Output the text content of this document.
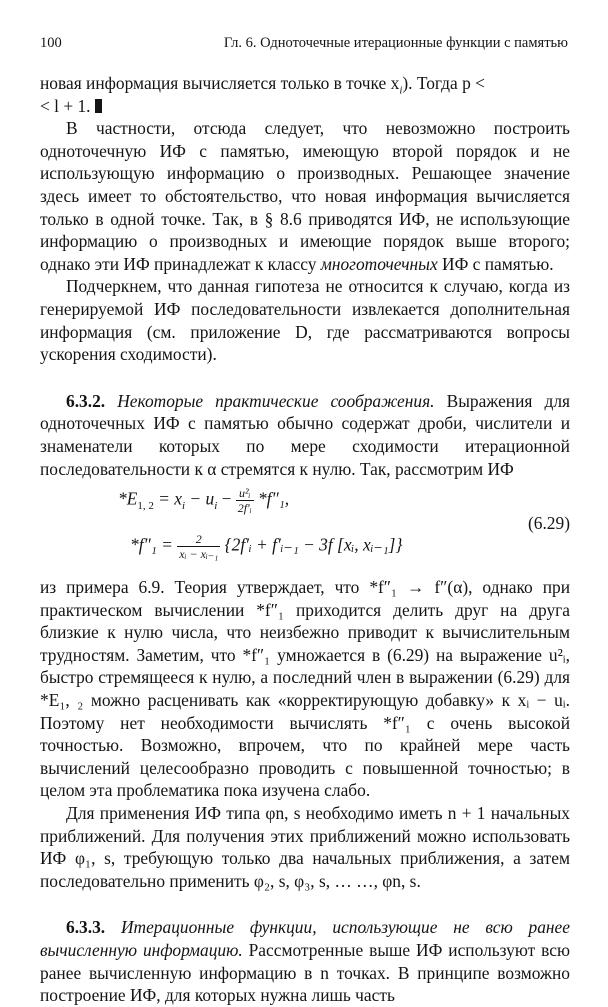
100	Гл. 6. Одноточечные итерационные функции с памятью

новая информация вычисляется только в точке $x_i$). Тогда p <
< l + 1.

В частности, отсюда следует, что невозможно построить одноточечную ИФ с памятью, имеющую второй порядок и не использующую информацию о производных. Решающее значение здесь имеет то обстоятельство, что новая информация вычисляется только в одной точке. Так, в § 8.6 приводятся ИФ, не использующие информацию о производных и имеющие порядок выше второго; однако эти ИФ принадлежат к классу многоточечных ИФ с памятью.

Подчеркнем, что данная гипотеза не относится к случаю, когда из генерируемой ИФ последовательности извлекается дополнительная информация (см. приложение D, где рассматриваются вопросы ускорения сходимости).

6.3.2. Некоторые практические соображения. Выражения для одноточечных ИФ с памятью обычно содержат дроби, числители и знаменатели которых по мере сходимости итерационной последовательности к α стремятся к нулю. Так, рассмотрим ИФ

$*E_{1, 2} = x_i - u_i - \frac{\text{u²ᵢ}}{\text{2f′ᵢ}} *f''_1$,
$*f''_1 = \frac{2}{\text{xᵢ − xᵢ₋₁}}$ {2f′ᵢ + f′ᵢ₋₁ − 3f [xᵢ, xᵢ₋₁]}
(6.29)

из примера 6.9. Теория утверждает, что *f″₁ → f″(α), однако при практическом вычислении *f″₁ приходится делить друг на друга близкие к нулю числа, что неизбежно приводит к вычислительным трудностям. Заметим, что *f″₁ умножается в (6.29) на выражение u²ᵢ, быстро стремящееся к нулю, а последний член в выражении (6.29) для *E₁, ₂ можно расценивать как «корректирующую добавку» к xᵢ − uᵢ. Поэтому нет необходимости вычислять *f″₁ с очень высокой точностью. Возможно, впрочем, что по крайней мере часть вычислений целесообразно проводить с повышенной точностью; в целом эта проблематика пока изучена слабо.

Для применения ИФ типа φn, s необходимо иметь n + 1 начальных приближений. Для получения этих приближений можно использовать ИФ φ₁, s, требующую только два начальных приближения, а затем последовательно применить φ₂, s, φ₃, s, … …, φn, s.

6.3.3. Итерационные функции, использующие не всю ранее вычисленную информацию. Рассмотренные выше ИФ используют всю ранее вычисленную информацию в n точках. В принципе возможно построение ИФ, для которых нужна лишь часть
